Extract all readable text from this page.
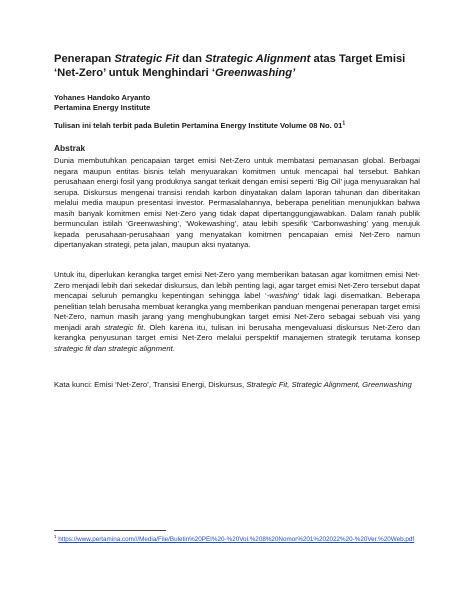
Penerapan Strategic Fit dan Strategic Alignment atas Target Emisi ‘Net-Zero’ untuk Menghindari ‘Greenwashing’
Yohanes Handoko Aryanto
Pertamina Energy Institute
Tulisan ini telah terbit pada Buletin Pertamina Energy Institute Volume 08 No. $01^1$
Abstrak

Dunia membutuhkan pencapaian target emisi Net-Zero untuk membatasi pemanasan global. Berbagai negara maupun entitas bisnis telah menyuarakan komitmen untuk mencapai hal tersebut. Bahkan perusahaan energi fosil yang produknya sangat terkait dengan emisi seperti ‘Big Oil’ juga menyuarakan hal serupa. Diskursus mengenai transisi rendah karbon dinyatakan dalam laporan tahunan dan diberitakan melalui media maupun presentasi investor. Permasalahannya, beberapa penelitian menunjukkan bahwa masih banyak komitmen emisi Net-Zero yang tidak dapat dipertanggungjawabkan. Dalam ranah publik bermunculan istilah ‘Greenwashing’, ‘Wokewashing’, atau lebih spesifik ‘Carbonwashing’ yang merujuk kepada perusahaan-perusahaan yang menyatakan komitmen pencapaian emisi Net-Zero namun dipertanyakan strategi, peta jalan, maupun aksi nyatanya.

Untuk itu, diperlukan kerangka target emisi Net-Zero yang memberikan batasan agar komitmen emisi Net-Zero menjadi lebih dari sekedar diskursus, dan lebih penting lagi, agar target emisi Net-Zero tersebut dapat mencapai seluruh pemangku kepentingan sehingga label ‘-washing’ tidak lagi disematkan. Beberapa penelitian telah berusaha membuat kerangka yang memberikan panduan mengenai penerapan target emisi Net-Zero, namun masih jarang yang menghubungkan target emisi Net-Zero sebagai sebuah visi yang menjadi arah strategic fit. Oleh karena itu, tulisan ini berusaha mengevaluasi diskursus Net-Zero dan kerangka penyusunan target emisi Net-Zero melalui perspektif manajemen strategik terutama konsep strategic fit dan strategic alignment.

Kata kunci: Emisi ‘Net-Zero’, Transisi Energi, Diskursus, Strategic Fit, Strategic Alignment, Greenwashing

$^1$ https://www.pertamina.com///Media/File/Buletin%20PEI%20-%20Vol.%208%20Nomor%201%202022%20-%20Ver.%20Web.pdf
